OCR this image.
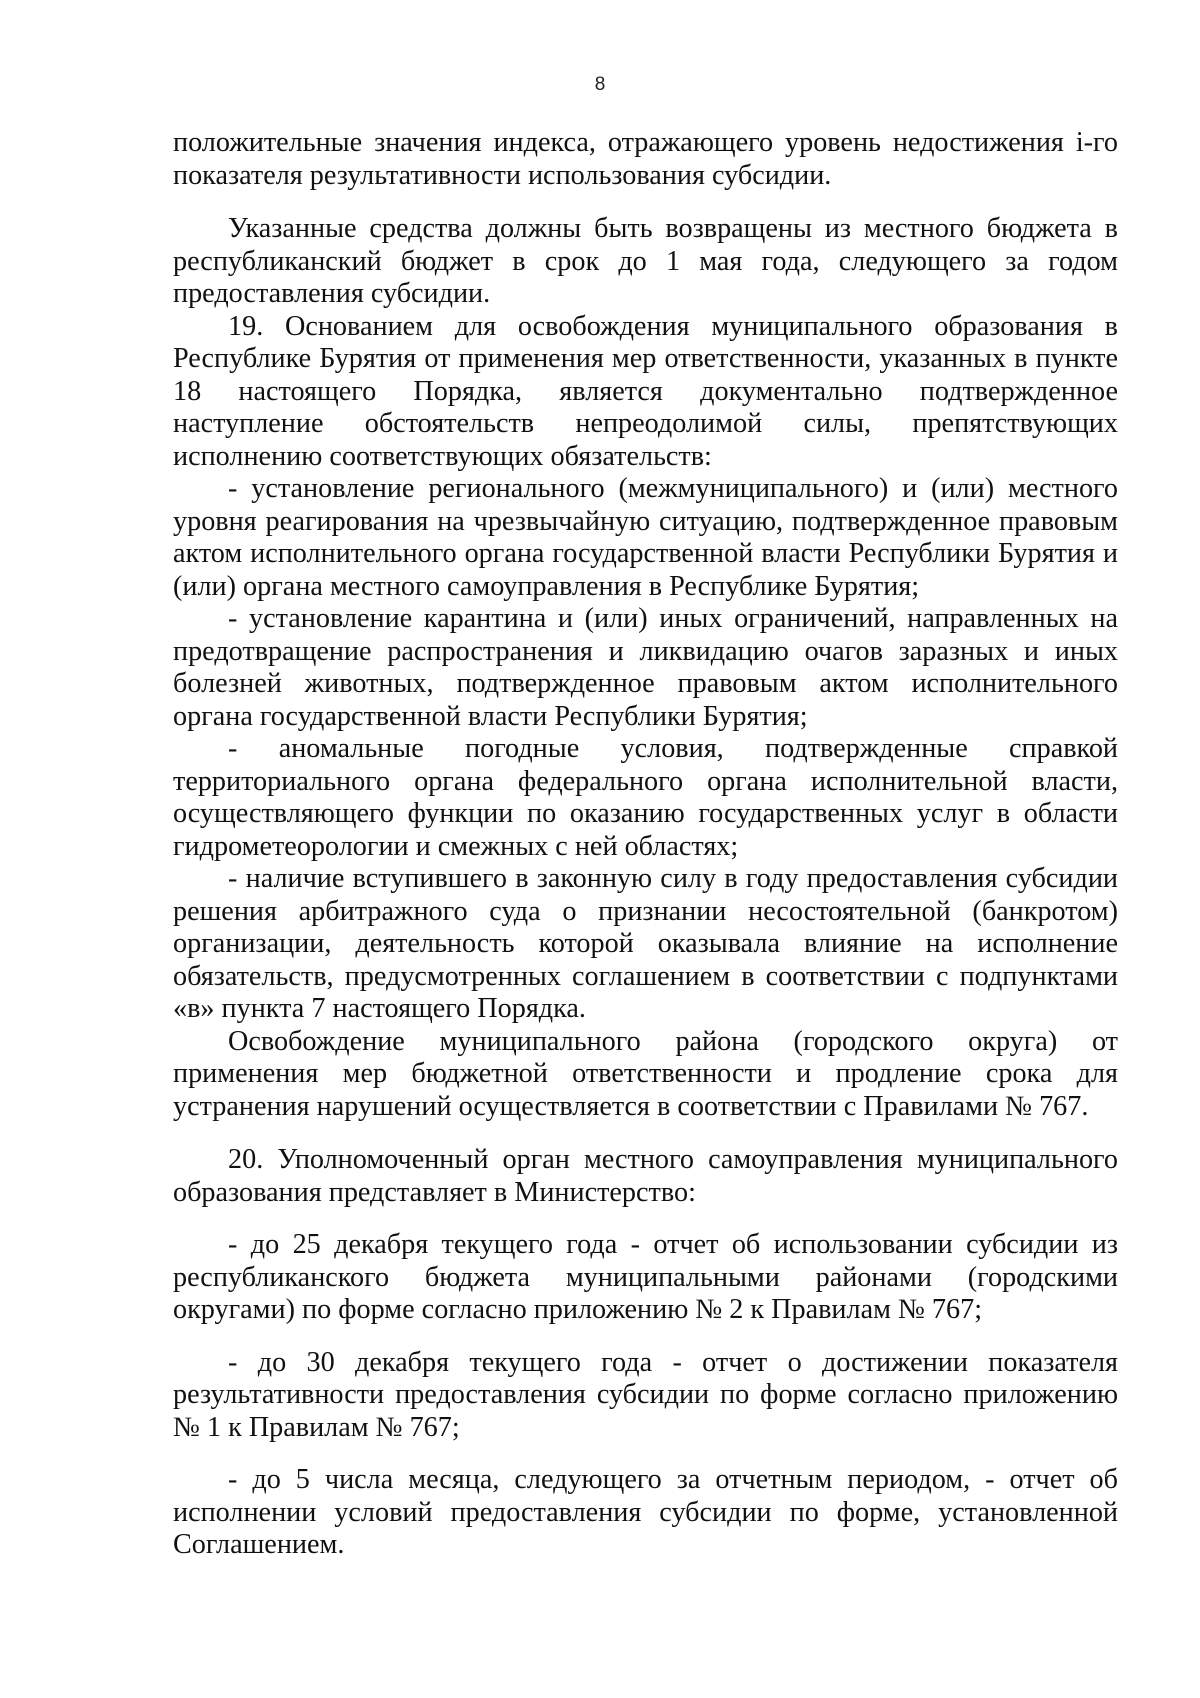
8

положительные значения индекса, отражающего уровень недостижения i-го показателя результативности использования субсидии.

Указанные средства должны быть возвращены из местного бюджета в республиканский бюджет в срок до 1 мая года, следующего за годом предоставления субсидии.

19. Основанием для освобождения муниципального образования в Республике Бурятия от применения мер ответственности, указанных в пункте 18 настоящего Порядка, является документально подтвержденное наступление обстоятельств непреодолимой силы, препятствующих исполнению соответствующих обязательств:

- установление регионального (межмуниципального) и (или) местного уровня реагирования на чрезвычайную ситуацию, подтвержденное правовым актом исполнительного органа государственной власти Республики Бурятия и (или) органа местного самоуправления в Республике Бурятия;

- установление карантина и (или) иных ограничений, направленных на предотвращение распространения и ликвидацию очагов заразных и иных болезней животных, подтвержденное правовым актом исполнительного органа государственной власти Республики Бурятия;

- аномальные погодные условия, подтвержденные справкой территориального органа федерального органа исполнительной власти, осуществляющего функции по оказанию государственных услуг в области гидрометеорологии и смежных с ней областях;

- наличие вступившего в законную силу в году предоставления субсидии решения арбитражного суда о признании несостоятельной (банкротом) организации, деятельность которой оказывала влияние на исполнение обязательств, предусмотренных соглашением в соответствии с подпунктами «в» пункта 7 настоящего Порядка.

Освобождение муниципального района (городского округа) от применения мер бюджетной ответственности и продление срока для устранения нарушений осуществляется в соответствии с Правилами № 767.

20. Уполномоченный орган местного самоуправления муниципального образования представляет в Министерство:

- до 25 декабря текущего года - отчет об использовании субсидии из республиканского бюджета муниципальными районами (городскими округами) по форме согласно приложению № 2 к Правилам № 767;

- до 30 декабря текущего года - отчет о достижении показателя результативности предоставления субсидии по форме согласно приложению № 1 к Правилам № 767;

- до 5 числа месяца, следующего за отчетным периодом, - отчет об исполнении условий предоставления субсидии по форме, установленной Соглашением.
